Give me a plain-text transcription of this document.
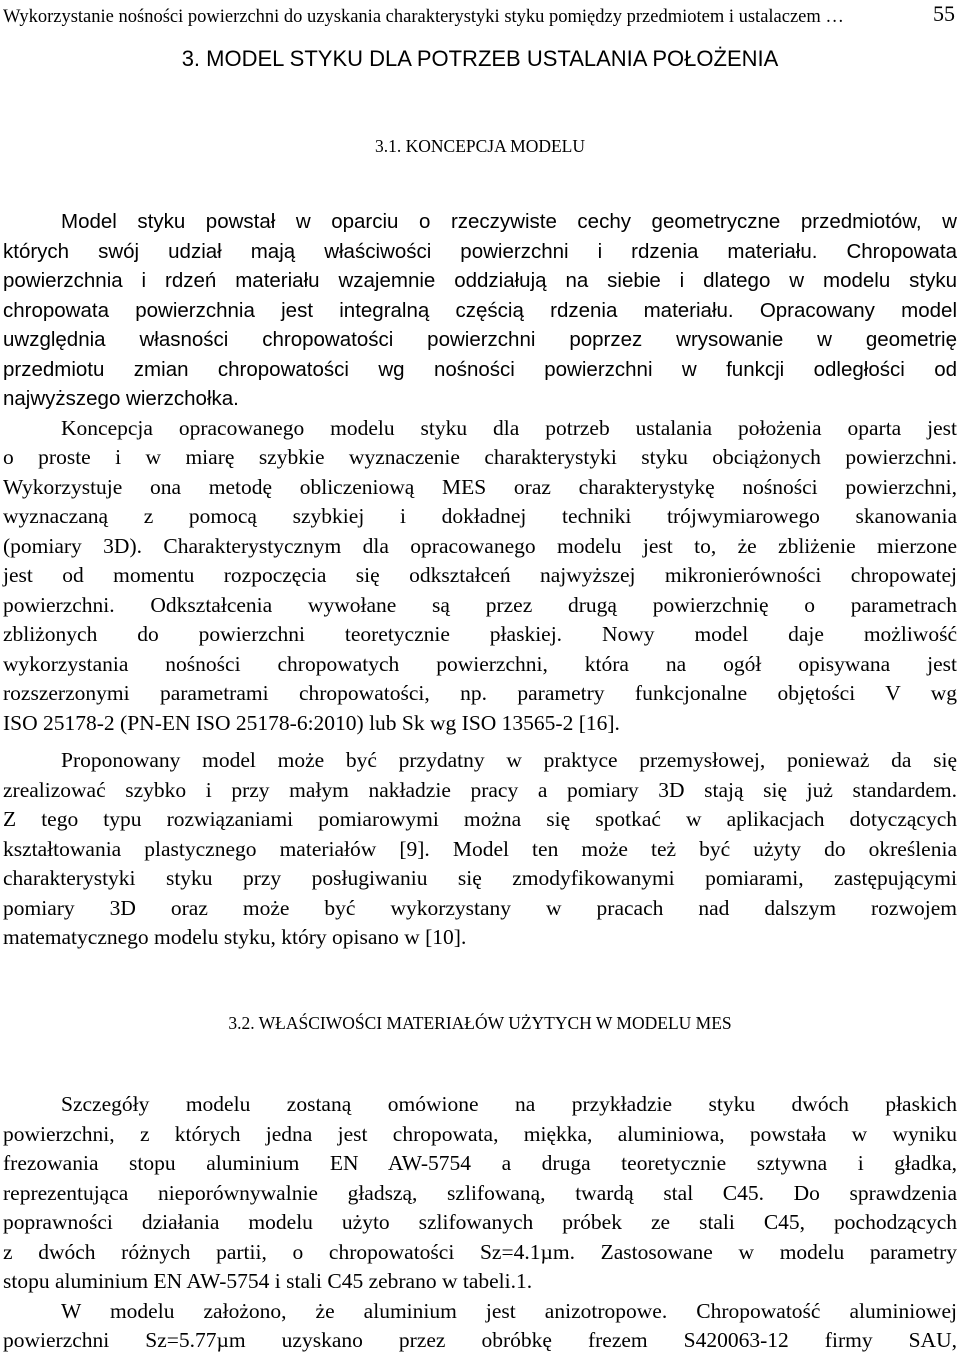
Wykorzystanie nośności powierzchni do uzyskania charakterystyki styku pomiędzy przedmiotem i ustalaczem …	55
3. MODEL STYKU DLA POTRZEB USTALANIA POŁOŻENIA
3.1. KONCEPCJA MODELU
Model styku powstał w oparciu o rzeczywiste cechy geometryczne przedmiotów, w
których swój udział mają właściwości powierzchni i rdzenia materiału. Chropowata
powierzchnia i rdzeń materiału wzajemnie oddziałują na siebie i dlatego w modelu styku
chropowata powierzchnia jest integralną częścią rdzenia materiału. Opracowany model
uwzględnia własności chropowatości powierzchni poprzez wrysowanie w geometrię
przedmiotu zmian chropowatości wg nośności powierzchni w funkcji odległości od
najwyższego wierzchołka.
Koncepcja opracowanego modelu styku dla potrzeb ustalania położenia oparta jest
o proste i w miarę szybkie wyznaczenie charakterystyki styku obciążonych powierzchni.
Wykorzystuje ona metodę obliczeniową MES oraz charakterystykę nośności powierzchni,
wyznaczaną z pomocą szybkiej i dokładnej techniki trójwymiarowego skanowania
(pomiary 3D). Charakterystycznym dla opracowanego modelu jest to, że zbliżenie mierzone
jest od momentu rozpoczęcia się odkształceń najwyższej mikronierówności chropowatej
powierzchni. Odkształcenia wywołane są przez drugą powierzchnię o parametrach
zbliżonych do powierzchni teoretycznie płaskiej. Nowy model daje możliwość
wykorzystania nośności chropowatych powierzchni, która na ogół opisywana jest
rozszerzonymi parametrami chropowatości, np. parametry funkcjonalne objętości V wg
ISO 25178-2 (PN-EN ISO 25178-6:2010) lub Sk wg ISO 13565-2 [16].
Proponowany model może być przydatny w praktyce przemysłowej, ponieważ da się
zrealizować szybko i przy małym nakładzie pracy a pomiary 3D stają się już standardem.
Z tego typu rozwiązaniami pomiarowymi można się spotkać w aplikacjach dotyczących
kształtowania plastycznego materiałów [9]. Model ten może też być użyty do określenia
charakterystyki styku przy posługiwaniu się zmodyfikowanymi pomiarami, zastępującymi
pomiary 3D oraz może być wykorzystany w pracach nad dalszym rozwojem
matematycznego modelu styku, który opisano w [10].
3.2. WŁAŚCIWOŚCI MATERIAŁÓW UŻYTYCH W MODELU MES
Szczegóły modelu zostaną omówione na przykładzie styku dwóch płaskich
powierzchni, z których jedna jest chropowata, miękka, aluminiowa, powstała w wyniku
frezowania stopu aluminium EN AW-5754 a druga teoretycznie sztywna i gładka,
reprezentująca nieporównywalnie gładszą, szlifowaną, twardą stal C45. Do sprawdzenia
poprawności działania modelu użyto szlifowanych próbek ze stali C45, pochodzących
z dwóch różnych partii, o chropowatości Sz=4.1µm. Zastosowane w modelu parametry
stopu aluminium EN AW-5754 i stali C45 zebrano w tabeli.1.
W modelu założono, że aluminium jest anizotropowe. Chropowatość aluminiowej
powierzchni Sz=5.77µm uzyskano przez obróbkę frezem S420063-12 firmy SAU,
